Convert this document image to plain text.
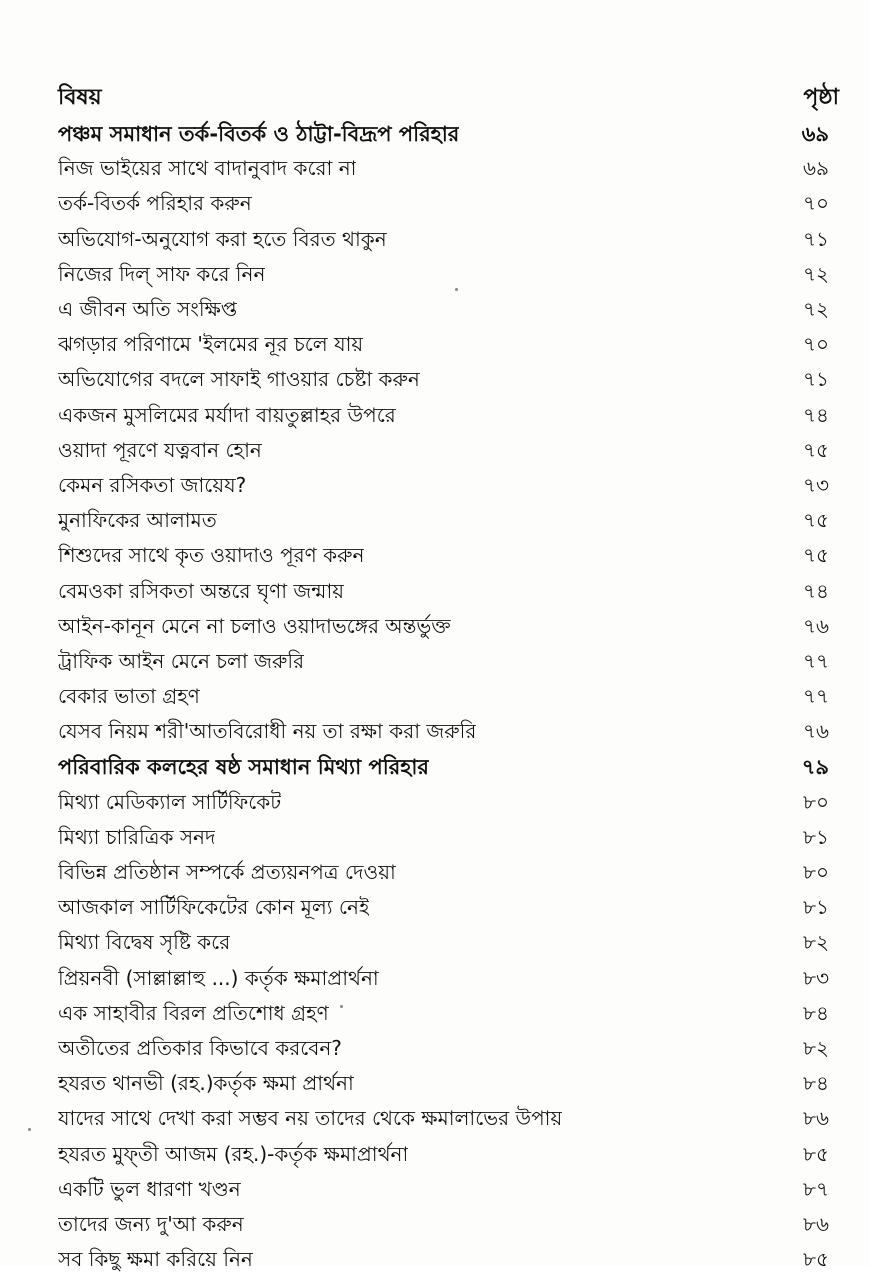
বিষয়	পৃষ্ঠা
পঞ্চম সমাধান তর্ক-বিতর্ক ও ঠাট্টা-বিদ্রূপ পরিহার	৬৯
নিজ ভাইয়ের সাথে বাদানুবাদ করো না	৬৯
তর্ক-বিতর্ক পরিহার করুন	৭০
অভিযোগ-অনুযোগ করা হতে বিরত থাকুন	৭১
নিজের দিল্ সাফ করে নিন	৭২
এ জীবন অতি সংক্ষিপ্ত	৭২
ঝগড়ার পরিণামে 'ইলমের নূর চলে যায়	৭০
অভিযোগের বদলে সাফাই গাওয়ার চেষ্টা করুন	৭১
একজন মুসলিমের মর্যাদা বায়তুল্লাহর উপরে	৭৪
ওয়াদা পূরণে যত্নবান হোন	৭৫
কেমন রসিকতা জায়েয?	৭৩
মুনাফিকের আলামত	৭৫
শিশুদের সাথে কৃত ওয়াদাও পূরণ করুন	৭৫
বেমওকা রসিকতা অন্তরে ঘৃণা জন্মায়	৭৪
আইন-কানূন মেনে না চলাও ওয়াদাভঙ্গের অন্তর্ভুক্ত	৭৬
ট্রাফিক আইন মেনে চলা জরুরি	৭৭
বেকার ভাতা গ্রহণ	৭৭
যেসব নিয়ম শরী'আতবিরোধী নয় তা রক্ষা করা জরুরি	৭৬
পরিবারিক কলহের ষষ্ঠ সমাধান মিথ্যা পরিহার	৭৯
মিথ্যা মেডিক্যাল সার্টিফিকেট	৮০
মিথ্যা চারিত্রিক সনদ	৮১
বিভিন্ন প্রতিষ্ঠান সম্পর্কে প্রত্যয়নপত্র দেওয়া	৮০
আজকাল সার্টিফিকেটের কোন মূল্য নেই	৮১
মিথ্যা বিদ্বেষ সৃষ্টি করে	৮২
প্রিয়নবী (সাল্লাল্লাহু ...) কর্তৃক ক্ষমাপ্রার্থনা	৮৩
এক সাহাবীর বিরল প্রতিশোধ গ্রহণ	৮৪
অতীতের প্রতিকার কিভাবে করবেন?	৮২
হযরত থানভী (রহ.)কর্তৃক ক্ষমা প্রার্থনা	৮৪
যাদের সাথে দেখা করা সম্ভব নয় তাদের থেকে ক্ষমালাভের উপায়	৮৬
হযরত মুফ্তী আজম (রহ.)-কর্তৃক ক্ষমাপ্রার্থনা	৮৫
একটি ভুল ধারণা খণ্ডন	৮৭
তাদের জন্য দু'আ করুন	৮৬
সব কিছু ক্ষমা করিয়ে নিন	৮৫
